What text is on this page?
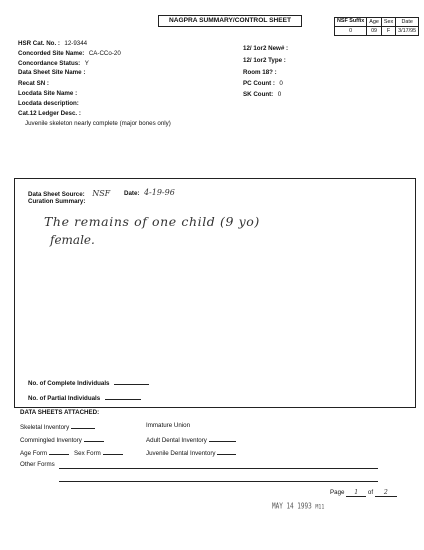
NAGPRA SUMMARY/CONTROL SHEET	NSF Suffix	Age	Sex	Date
0	09	F	3/17/95
HSR Cat. No. : 12-9344
Concorded Site Name: CA-CCo-20
Concordance Status: Y
Data Sheet Site Name :
Recat SN :
Locdata Site Name :
Locdata description:
12/ 1or2 New# :
12/ 1or2 Type :
Room 18? :
PC Count : 0
SK Count: 0
Cat.12 Ledger Desc. :
Juvenile skeleton nearly complete (major bones only)
Data Sheet Source: NSF Date: 4-19-96
Curation Summary:
The remains of one child (9 yo)
female.
No. of Complete Individuals
No. of Partial Individuals
DATA SHEETS ATTACHED:
Skeletal Inventory	Immature Union
Commingled Inventory	Adult Dental Inventory
Age Form	Sex Form	Juvenile Dental Inventory
Other Forms
Page 1 of 2
MAY 14 1993 M11
